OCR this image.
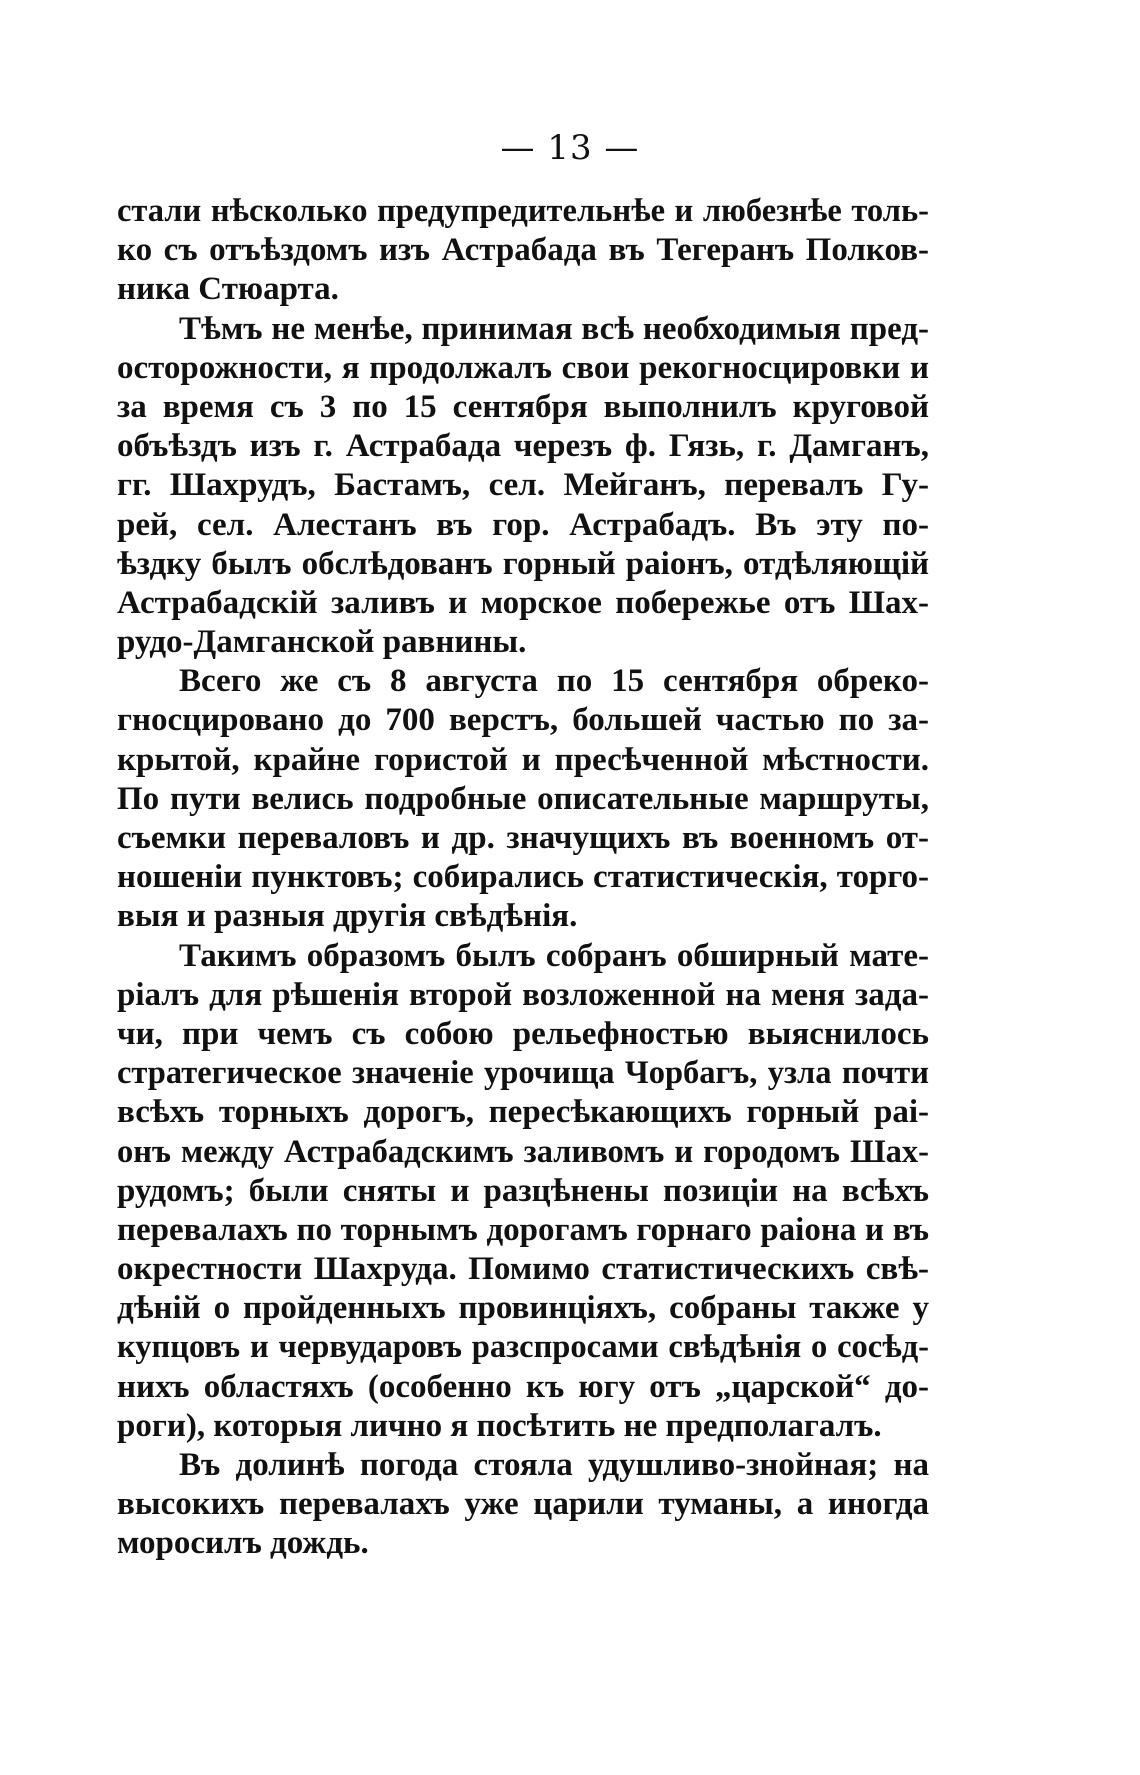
— 13 —
стали нѣсколько предупредительнѣе и любезнѣе толь-
ко съ отъѣздомъ изъ Астрабада въ Тегеранъ Полков-
ника Стюарта.
Тѣмъ не менѣе, принимая всѣ необходимыя пред-
осторожности, я продолжалъ свои рекогносцировки и
за время съ 3 по 15 сентября выполнилъ круговой
объѣздъ изъ г. Астрабада черезъ ф. Гязь, г. Дамганъ,
гг. Шахрудъ, Бастамъ, сел. Мейганъ, перевалъ Гу-
рей, сел. Алестанъ въ гор. Астрабадъ. Въ эту по-
ѣздку былъ обслѣдованъ горный раіонъ, отдѣляющій
Астрабадскій заливъ и морское побережье отъ Шах-
рудо-Дамганской равнины.
Всего же съ 8 августа по 15 сентября обреко-
гносцировано до 700 верстъ, большей частью по за-
крытой, крайне гористой и пресѣченной мѣстности.
По пути велись подробные описательные маршруты,
съемки переваловъ и др. значущихъ въ военномъ от-
ношеніи пунктовъ; собирались статистическія, торго-
выя и разныя другія свѣдѣнія.
Такимъ образомъ былъ собранъ обширный мате-
ріалъ для рѣшенія второй возложенной на меня зада-
чи, при чемъ съ собою рельефностью выяснилось
стратегическое значеніе урочища Чорбагъ, узла почти
всѣхъ торныхъ дорогъ, пересѣкающихъ горный раі-
онъ между Астрабадскимъ заливомъ и городомъ Шах-
рудомъ; были сняты и разцѣнены позиціи на всѣхъ
перевалахъ по торнымъ дорогамъ горнаго раіона и въ
окрестности Шахруда. Помимо статистическихъ свѣ-
дѣній о пройденныхъ провинціяхъ, собраны также у
купцовъ и червударовъ разспросами свѣдѣнія о сосѣд-
нихъ областяхъ (особенно къ югу отъ „царской“ до-
роги), которыя лично я посѣтить не предполагалъ.
Въ долинѣ погода стояла удушливо-знойная; на
высокихъ перевалахъ уже царили туманы, а иногда
моросилъ дождь.
